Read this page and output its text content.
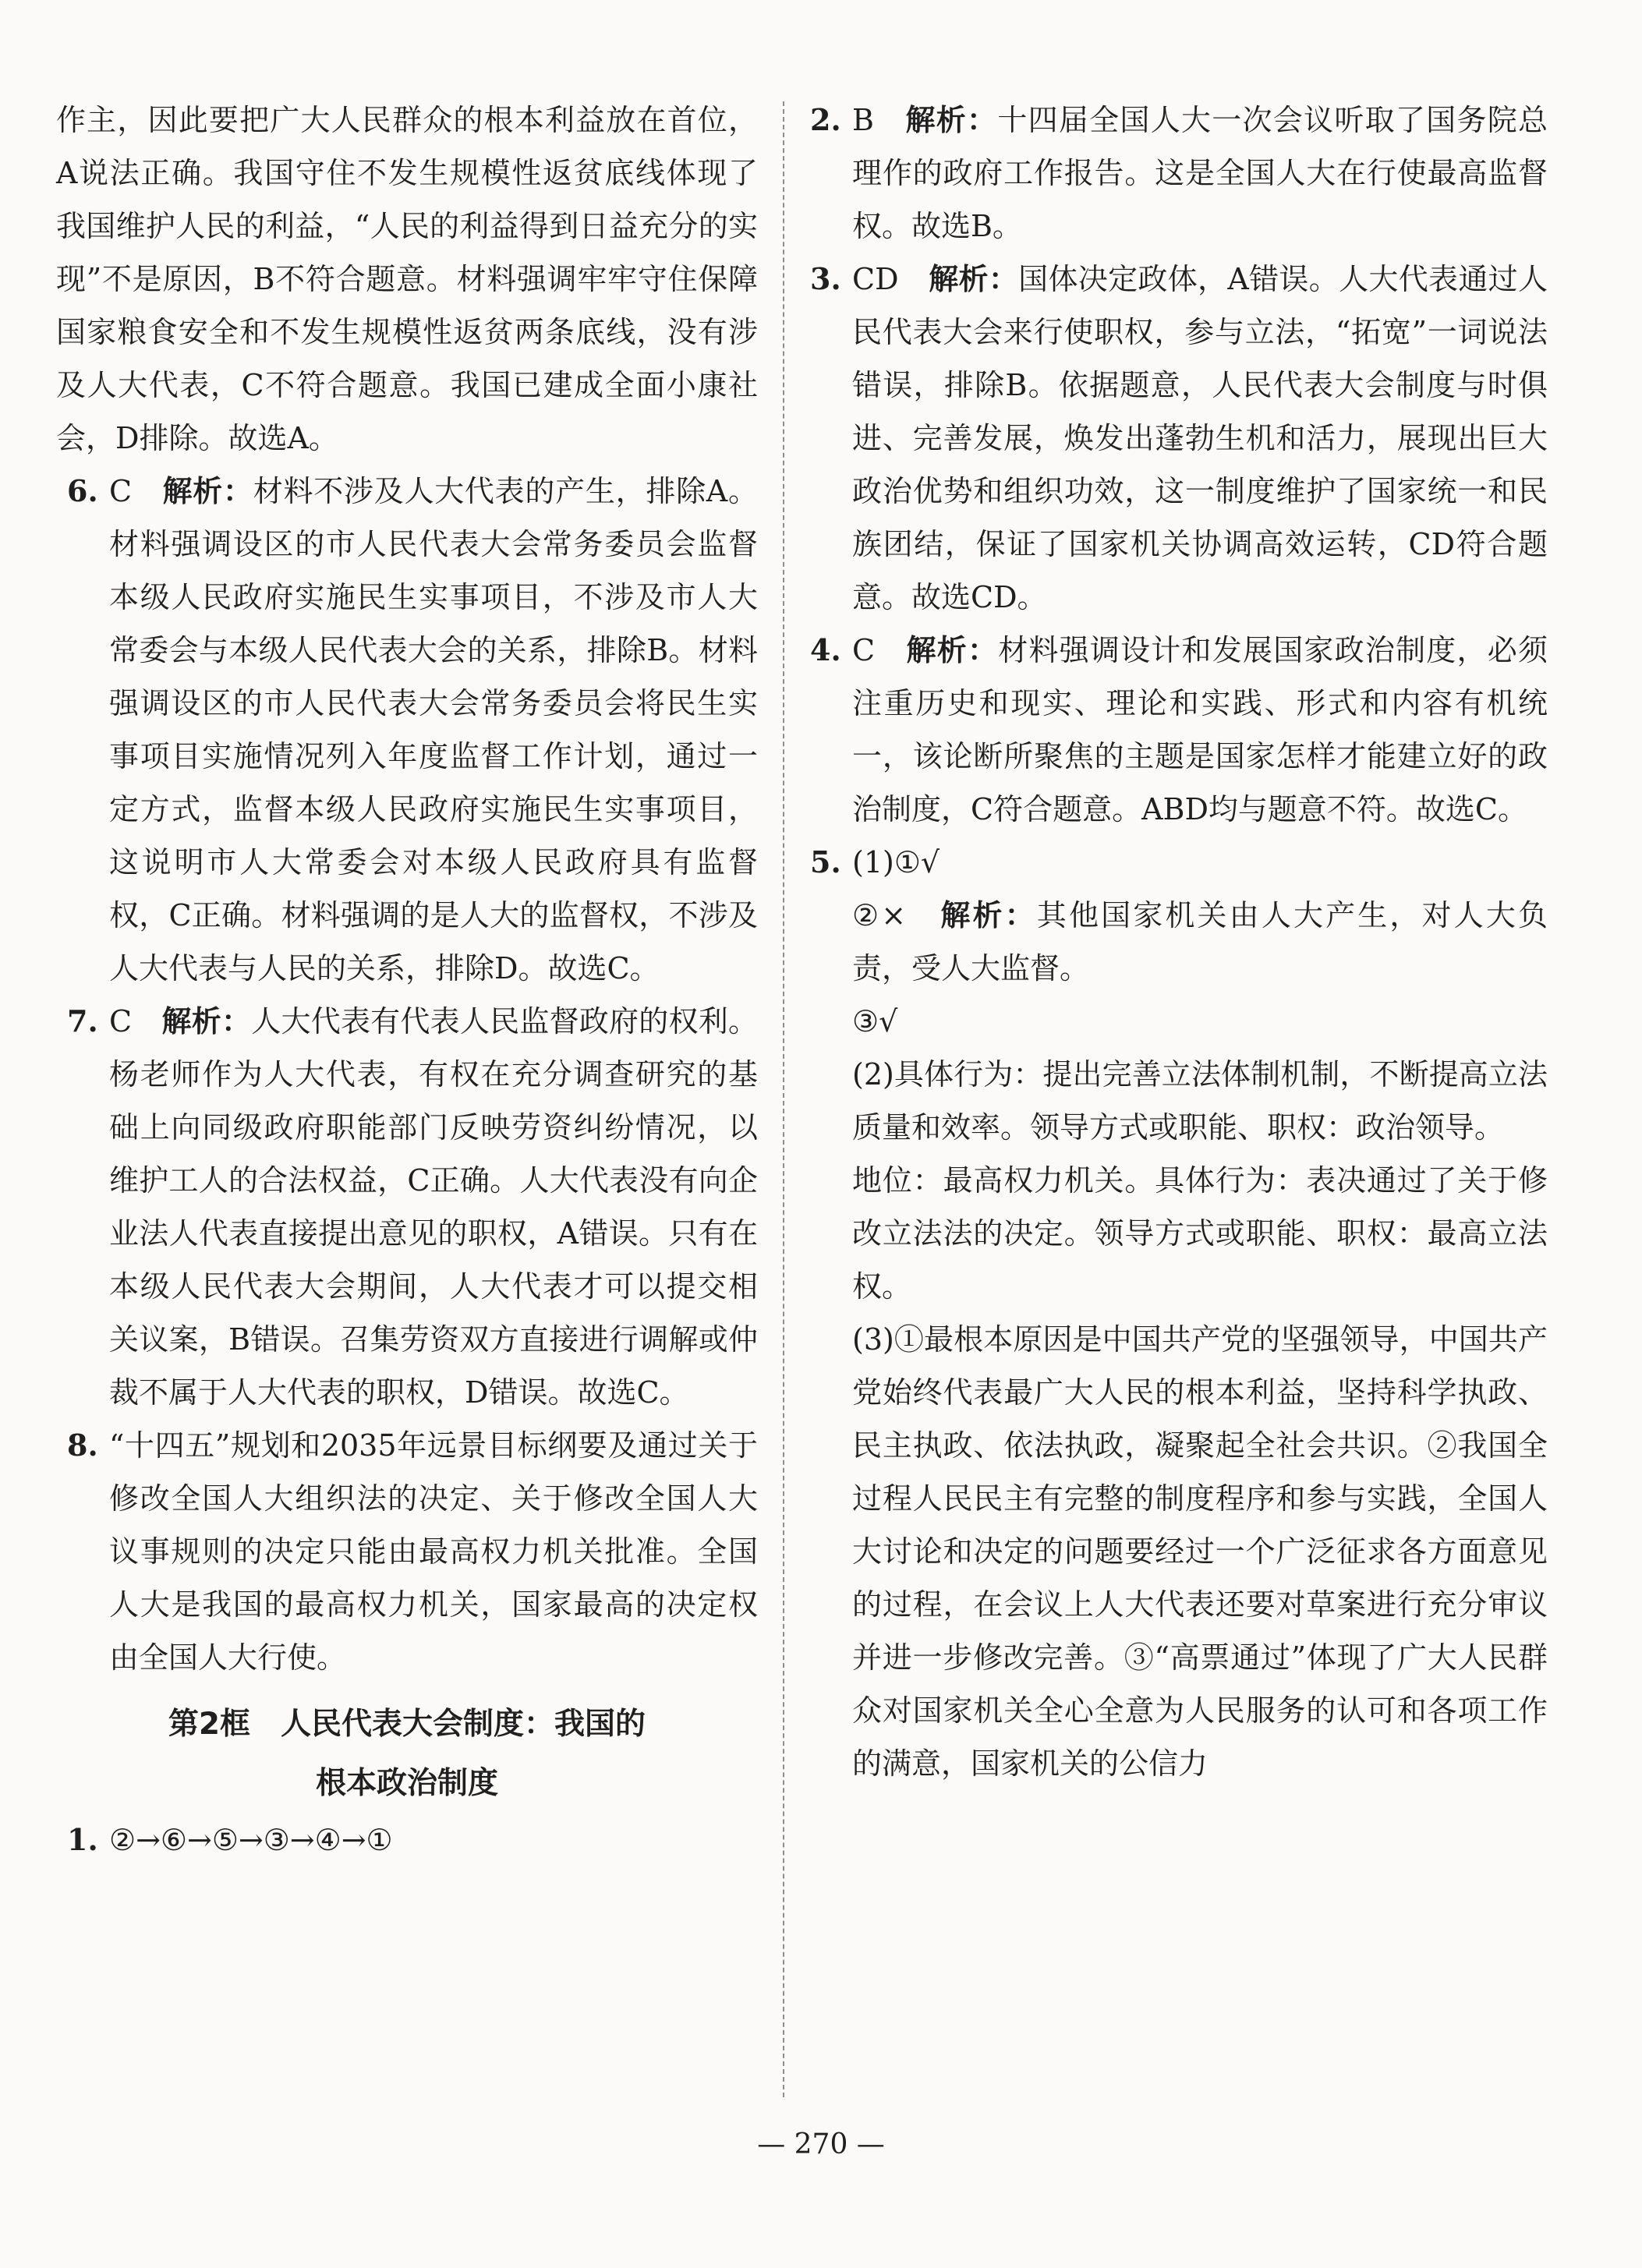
作主，因此要把广大人民群众的根本利益放在首位，A说法正确。我国守住不发生规模性返贫底线体现了我国维护人民的利益，“人民的利益得到日益充分的实现”不是原因，B不符合题意。材料强调牢牢守住保障国家粮食安全和不发生规模性返贫两条底线，没有涉及人大代表，C不符合题意。我国已建成全面小康社会，D排除。故选A。

6. C　 解析：材料不涉及人大代表的产生，排除A。材料强调设区的市人民代表大会常务委员会监督本级人民政府实施民生实事项目，不涉及市人大常委会与本级人民代表大会的关系，排除B。材料强调设区的市人民代表大会常务委员会将民生实事项目实施情况列入年度监督工作计划，通过一定方式，监督本级人民政府实施民生实事项目，这说明市人大常委会对本级人民政府具有监督权，C正确。材料强调的是人大的监督权，不涉及人大代表与人民的关系，排除D。故选C。

7. C　 解析：人大代表有代表人民监督政府的权利。杨老师作为人大代表，有权在充分调查研究的基础上向同级政府职能部门反映劳资纠纷情况，以维护工人的合法权益，C正确。人大代表没有向企业法人代表直接提出意见的职权，A错误。只有在本级人民代表大会期间，人大代表才可以提交相关议案，B错误。召集劳资双方直接进行调解或仲裁不属于人大代表的职权，D错误。故选C。

8. “十四五”规划和2035年远景目标纲要及通过关于修改全国人大组织法的决定、关于修改全国人大议事规则的决定只能由最高权力机关批准。全国人大是我国的最高权力机关，国家最高的决定权由全国人大行使。

第2框　人民代表大会制度：我国的

根本政治制度

1. ②→⑥→⑤→③→④→①

2. B　 解析：十四届全国人大一次会议听取了国务院总理作的政府工作报告。这是全国人大在行使最高监督权。故选B。

3. CD　 解析：国体决定政体，A错误。人大代表通过人民代表大会来行使职权，参与立法，“拓宽”一词说法错误，排除B。依据题意，人民代表大会制度与时俱进、完善发展，焕发出蓬勃生机和活力，展现出巨大政治优势和组织功效，这一制度维护了国家统一和民族团结，保证了国家机关协调高效运转，CD符合题意。故选CD。

4. C　 解析：材料强调设计和发展国家政治制度，必须注重历史和现实、理论和实践、形式和内容有机统一，该论断所聚焦的主题是国家怎样才能建立好的政治制度，C符合题意。ABD均与题意不符。故选C。

5. (1)①√

②×　 解析：其他国家机关由人大产生，对人大负责，受人大监督。

③√

(2)具体行为：提出完善立法体制机制，不断提高立法质量和效率。领导方式或职能、职权：政治领导。

地位：最高权力机关。具体行为：表决通过了关于修改立法法的决定。领导方式或职能、职权：最高立法权。

(3)①最根本原因是中国共产党的坚强领导，中国共产党始终代表最广大人民的根本利益，坚持科学执政、民主执政、依法执政，凝聚起全社会共识。②我国全过程人民民主有完整的制度程序和参与实践，全国人大讨论和决定的问题要经过一个广泛征求各方面意见的过程，在会议上人大代表还要对草案进行充分审议并进一步修改完善。③“高票通过”体现了广大人民群众对国家机关全心全意为人民服务的认可和各项工作的满意，国家机关的公信力

— 270 —
